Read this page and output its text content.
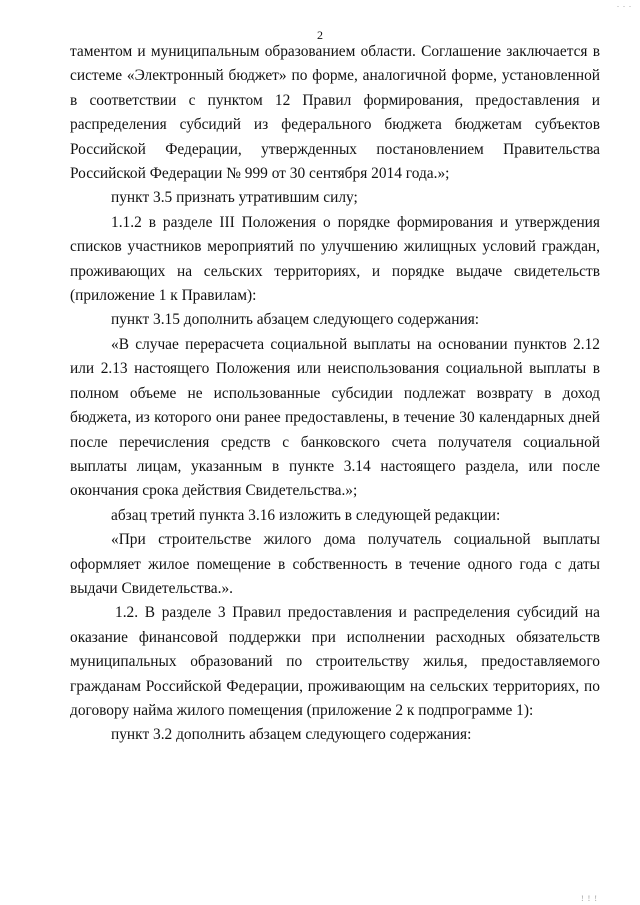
. . .
2

таментом и муниципальным образованием области. Соглашение заключается в системе «Электронный бюджет» по форме, аналогичной форме, установленной в соответствии с пунктом 12 Правил формирования, предоставления и распределения субсидий из федерального бюджета бюджетам субъектов Российской Федерации, утвержденных постановлением Правительства Российской Федерации № 999 от 30 сентября 2014 года.»;

пункт 3.5 признать утратившим силу;

1.1.2 в разделе III Положения о порядке формирования и утверждения списков участников мероприятий по улучшению жилищных условий граждан, проживающих на сельских территориях, и порядке выдаче свидетельств (приложение 1 к Правилам):

пункт 3.15 дополнить абзацем следующего содержания:

«В случае перерасчета социальной выплаты на основании пунктов 2.12 или 2.13 настоящего Положения или неиспользования социальной выплаты в полном объеме не использованные субсидии подлежат возврату в доход бюджета, из которого они ранее предоставлены, в течение 30 календарных дней после перечисления средств с банковского счета получателя социальной выплаты лицам, указанным в пункте 3.14 настоящего раздела, или после окончания срока действия Свидетельства.»;

абзац третий пункта 3.16 изложить в следующей редакции:

«При строительстве жилого дома получатель социальной выплаты оформляет жилое помещение в собственность в течение одного года с даты выдачи Свидетельства.».

1.2. В разделе 3 Правил предоставления и распределения субсидий на оказание финансовой поддержки при исполнении расходных обязательств муниципальных образований по строительству жилья, предоставляемого гражданам Российской Федерации, проживающим на сельских территориях, по договору найма жилого помещения (приложение 2 к подпрограмме 1):

пункт 3.2 дополнить абзацем следующего содержания:

! ! !
